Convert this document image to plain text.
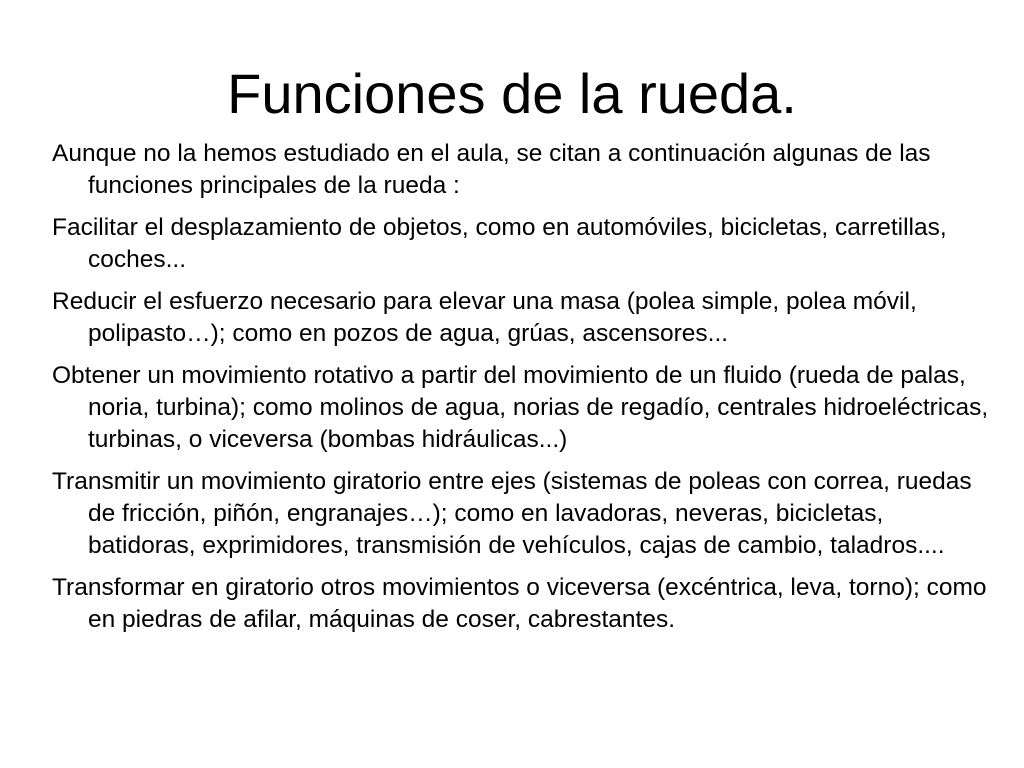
Funciones de la rueda.

Aunque no la hemos estudiado en el aula, se citan a continuación algunas de las funciones principales de la rueda :

Facilitar el desplazamiento de objetos, como en automóviles, bicicletas, carretillas, coches...

Reducir el esfuerzo necesario para elevar una masa (polea simple, polea móvil, polipasto…); como en pozos de agua, grúas, ascensores...

Obtener un movimiento rotativo a partir del movimiento de un fluido (rueda de palas, noria, turbina); como molinos de agua, norias de regadío, centrales hidroeléctricas, turbinas, o viceversa (bombas hidráulicas...)

Transmitir un movimiento giratorio entre ejes (sistemas de poleas con correa, ruedas de fricción, piñón, engranajes…); como en lavadoras, neveras, bicicletas, batidoras, exprimidores, transmisión de vehículos, cajas de cambio, taladros....

Transformar en giratorio otros movimientos o viceversa (excéntrica, leva, torno); como en piedras de afilar, máquinas de coser, cabrestantes.
